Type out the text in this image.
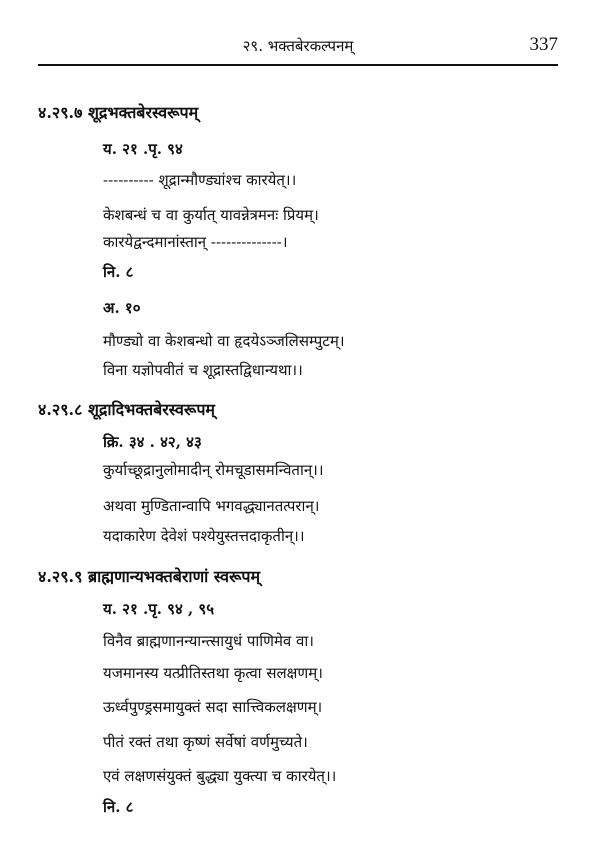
२९. भक्तबेरकल्पनम्	337
४.२९.७ शूद्रभक्तबेरस्वरूपम्
य. २१ .पृ. ९४
---------- शूद्रान्मौण्ड्यांश्च कारयेत्।।
केशबन्धं च वा कुर्यात् यावन्नेत्रमनः प्रियम्।
कारयेद्वन्दमानांस्तान् --------------।
नि. ८
अ. १०
मौण्ड्यो वा केशबन्धो वा हृदयेऽञ्जलिसम्पुटम्।
विना यज्ञोपवीतं च शूद्रास्तद्विधान्यथा।।
४.२९.८ शूद्रादिभक्तबेरस्वरूपम्
क्रि. ३४ . ४२, ४३
कुर्याच्छूद्रानुलोमादीन् रोमचूडासमन्वितान्।।
अथवा मुण्डितान्वापि भगवद्ध्यानतत्परान्।
यदाकारेण देवेशं पश्येयुस्तत्तदाकृतीन्।।
४.२९.९ ब्राह्मणान्यभक्तबेराणां स्वरूपम्
य. २१ .पृ. ९४ , ९५
विनैव ब्राह्मणानन्यान्त्सायुधं पाणिमेव वा।
यजमानस्य यत्प्रीतिस्तथा कृत्वा सलक्षणम्।
ऊर्ध्वपुण्ड्रसमायुक्तं सदा सात्त्विकलक्षणम्।
पीतं रक्तं तथा कृष्णं सर्वेषां वर्णमुच्यते।
एवं लक्षणसंयुक्तं बुद्ध्या युक्त्या च कारयेत्।।
नि. ८
